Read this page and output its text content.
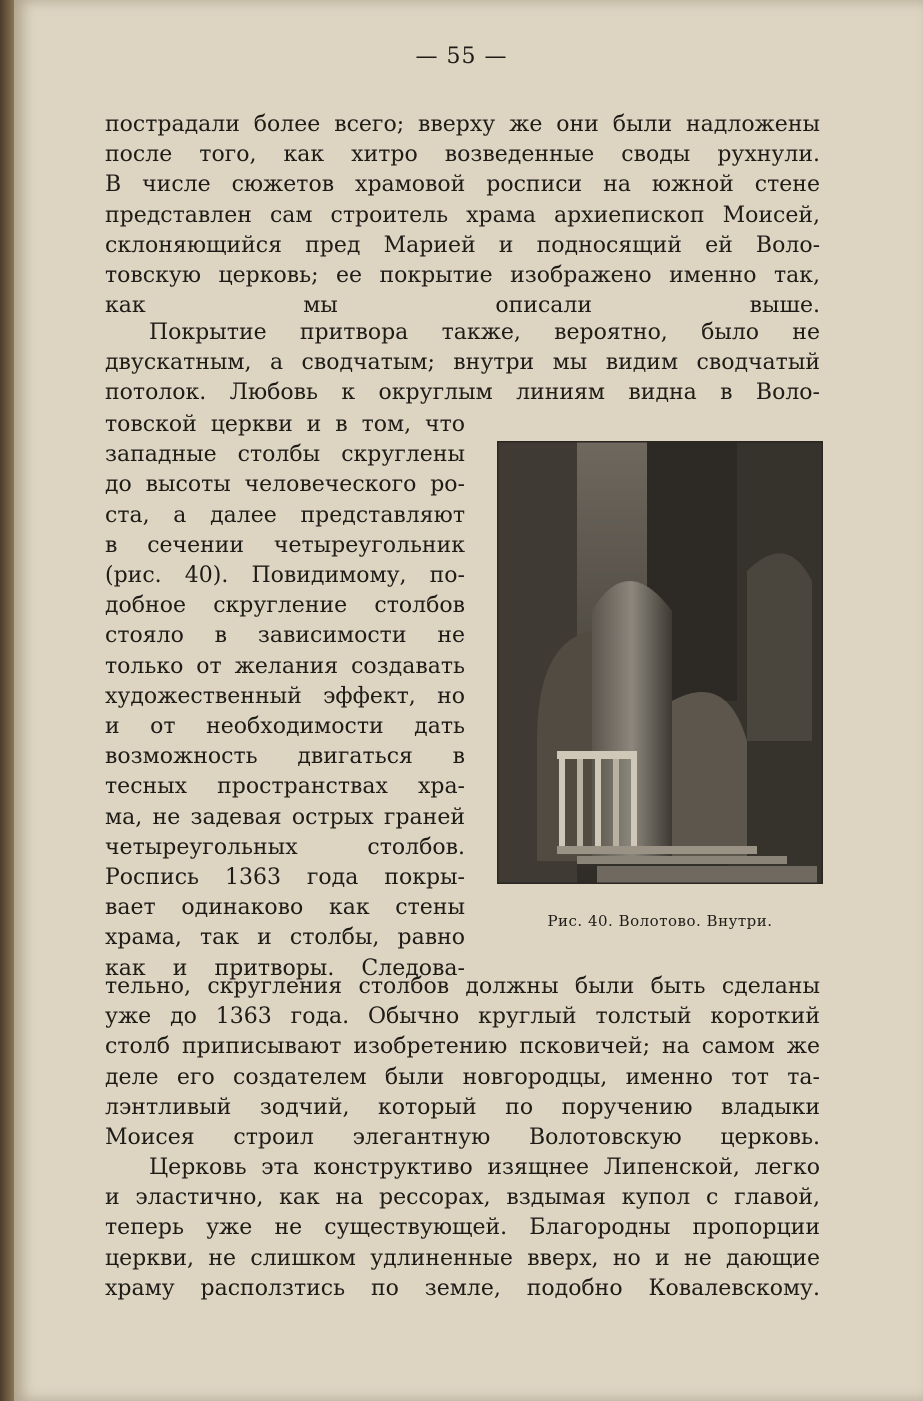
— 55 —
пострадали более всего; вверху же они были надложены
после того, как хитро возведенные своды рухнули.
В числе сюжетов храмовой росписи на южной стене
представлен сам строитель храма архиепископ Моисей,
склоняющийся пред Марией и подносящий ей Воло-
товскую церковь; ее покрытие изображено именно так,
как мы описали выше.
Покрытие притвора также, вероятно, было не
двускатным, а сводчатым; внутри мы видим сводчатый
потолок. Любовь к округлым линиям видна в Воло-
товской церкви и в том, что
западные столбы скруглены
до высоты человеческого ро-
ста, а далее представляют
в сечении четыреугольник
(рис. 40). Повидимому, по-
добное скругление столбов
стояло в зависимости не
только от желания создавать
художественный эффект, но
и от необходимости дать
возможность двигаться в
тесных пространствах хра-
ма, не задевая острых граней
четыреугольных столбов.
Роспись 1363 года покры-
вает одинаково как стены
храма, так и столбы, равно
как и притворы. Следова-
тельно, скругления столбов должны были быть сделаны
уже до 1363 года. Обычно круглый толстый короткий
столб приписывают изобретению псковичей; на самом же
деле его создателем были новгородцы, именно тот та-
лэнтливый зодчий, который по поручению владыки
Моисея строил элегантную Волотовскую церковь.
Церковь эта конструктиво изящнее Липенской, легко
и эластично, как на рессорах, вздымая купол с главой,
теперь уже не существующей. Благородны пропорции
церкви, не слишком удлиненные вверх, но и не дающие
храму расползтись по земле, подобно Ковалевскому.
Рис. 40. Волотово. Внутри.
